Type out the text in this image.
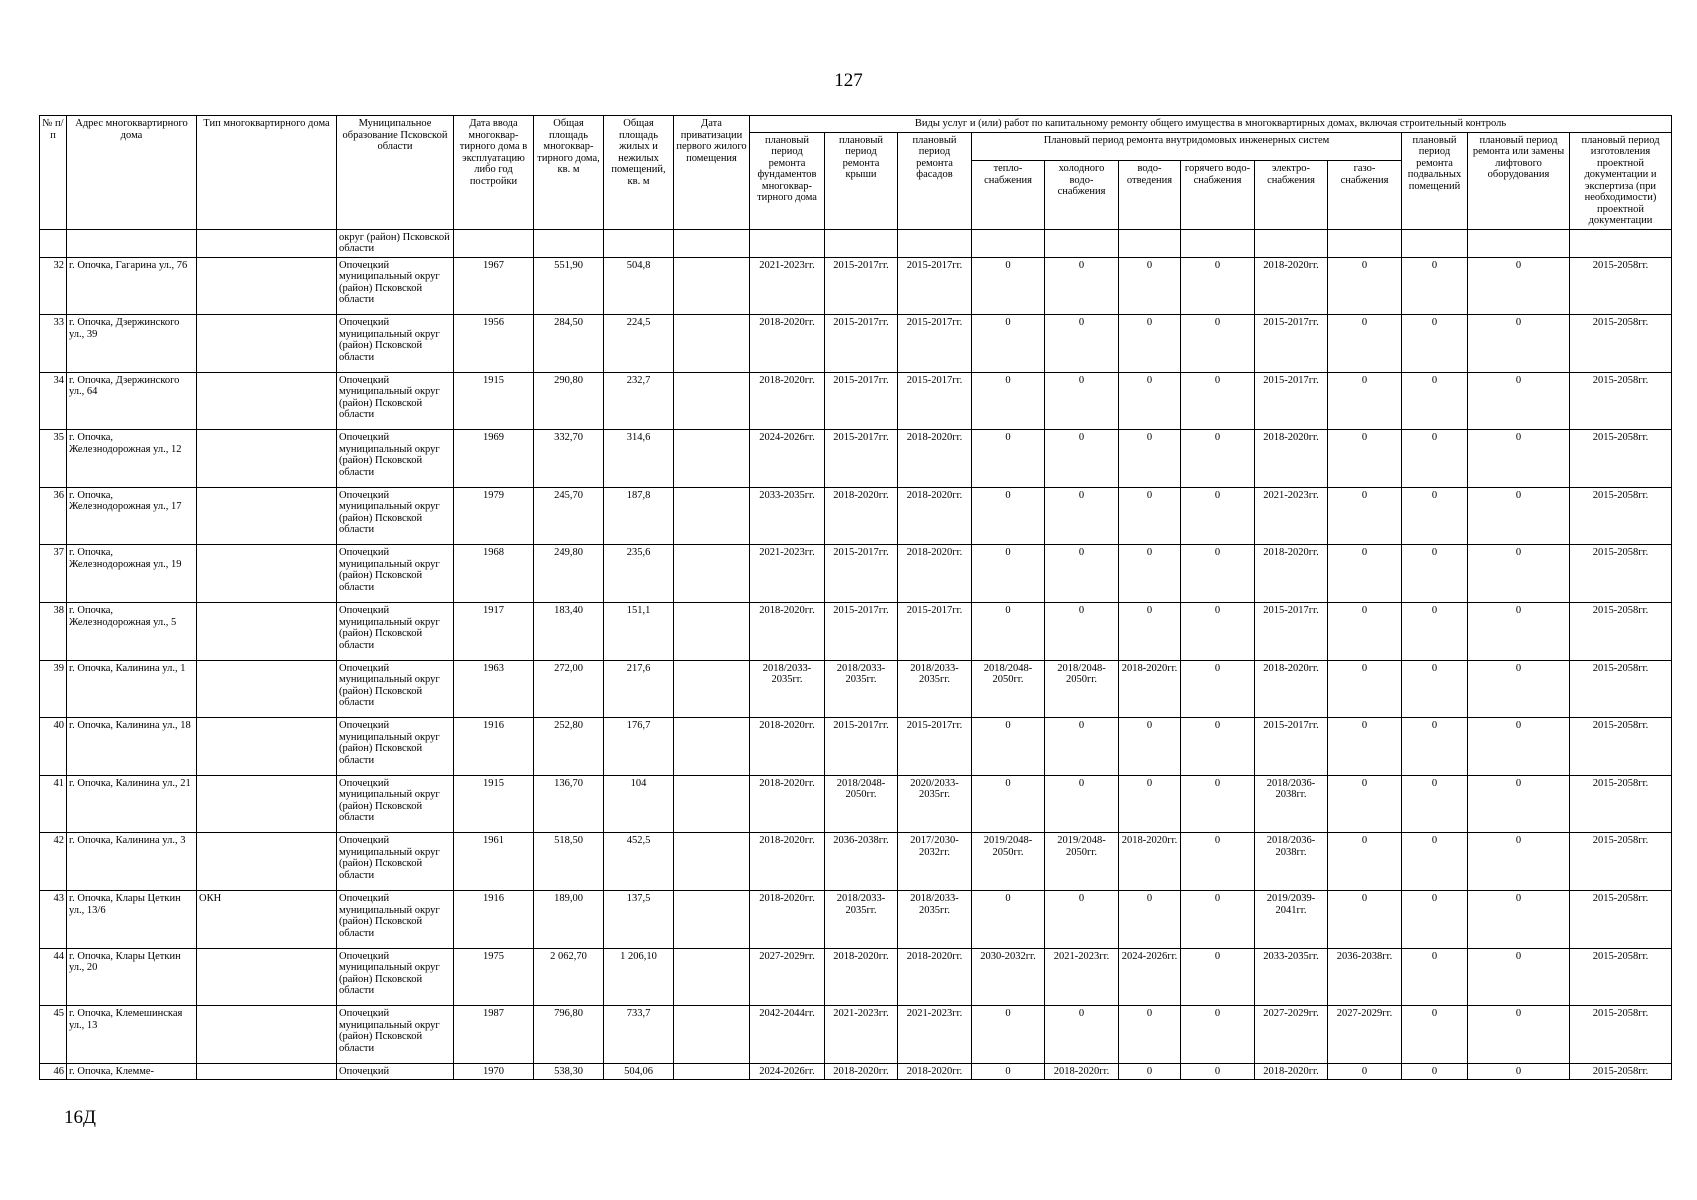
127
№ п/п	Адрес многоквартирного дома	Тип многоквартирного дома	Муниципальное образование Псковской области	Дата ввода многоквар-тирного дома в эксплуатацию либо год постройки	Общая площадь многоквар-тирного дома, кв. м	Общая площадь жилых и нежилых помещений, кв. м	Дата приватизации первого жилого помещения	Виды услуг и (или) работ по капитальному ремонту общего имущества в многоквартирных домах, включая строительный контроль											
								плановый период ремонта фундаментов многоквар-тирного дома	плановый период ремонта крыши	плановый период ремонта фасадов	Плановый период ремонта внутридомовых инженерных систем						плановый период ремонта подвальных помещений	плановый период ремонта или замены лифтового оборудования	плановый период изготовления проектной документации и экспертиза (при необходимости) проектной документации
											тепло-снабжения	холодного водо-снабжения	водо-отведения	горячего водо-снабжения	электро-снабжения	газо-снабжения			
			округ (район) Псковской области																
32	г. Опочка, Гагарина ул., 76		Опочецкий муниципальный округ (район) Псковской области	1967	551,90	504,8		2021-2023гг.	2015-2017гг.	2015-2017гг.	0	0	0	0	2018-2020гг.	0	0	0	2015-2058гг.
33	г. Опочка, Дзержинского ул., 39		Опочецкий муниципальный округ (район) Псковской области	1956	284,50	224,5		2018-2020гг.	2015-2017гг.	2015-2017гг.	0	0	0	0	2015-2017гг.	0	0	0	2015-2058гг.
34	г. Опочка, Дзержинского ул., 64		Опочецкий муниципальный округ (район) Псковской области	1915	290,80	232,7		2018-2020гг.	2015-2017гг.	2015-2017гг.	0	0	0	0	2015-2017гг.	0	0	0	2015-2058гг.
35	г. Опочка, Железнодорожная ул., 12		Опочецкий муниципальный округ (район) Псковской области	1969	332,70	314,6		2024-2026гг.	2015-2017гг.	2018-2020гг.	0	0	0	0	2018-2020гг.	0	0	0	2015-2058гг.
36	г. Опочка, Железнодорожная ул., 17		Опочецкий муниципальный округ (район) Псковской области	1979	245,70	187,8		2033-2035гг.	2018-2020гг.	2018-2020гг.	0	0	0	0	2021-2023гг.	0	0	0	2015-2058гг.
37	г. Опочка, Железнодорожная ул., 19		Опочецкий муниципальный округ (район) Псковской области	1968	249,80	235,6		2021-2023гг.	2015-2017гг.	2018-2020гг.	0	0	0	0	2018-2020гг.	0	0	0	2015-2058гг.
38	г. Опочка, Железнодорожная ул., 5		Опочецкий муниципальный округ (район) Псковской области	1917	183,40	151,1		2018-2020гг.	2015-2017гг.	2015-2017гг.	0	0	0	0	2015-2017гг.	0	0	0	2015-2058гг.
39	г. Опочка, Калинина ул., 1		Опочецкий муниципальный округ (район) Псковской области	1963	272,00	217,6		2018/2033-2035гг.	2018/2033-2035гг.	2018/2033-2035гг.	2018/2048-2050гг.	2018/2048-2050гг.	2018-2020гг.	0	2018-2020гг.	0	0	0	2015-2058гг.
40	г. Опочка, Калинина ул., 18		Опочецкий муниципальный округ (район) Псковской области	1916	252,80	176,7		2018-2020гг.	2015-2017гг.	2015-2017гг.	0	0	0	0	2015-2017гг.	0	0	0	2015-2058гг.
41	г. Опочка, Калинина ул., 21		Опочецкий муниципальный округ (район) Псковской области	1915	136,70	104		2018-2020гг.	2018/2048-2050гг.	2020/2033-2035гг.	0	0	0	0	2018/2036-2038гг.	0	0	0	2015-2058гг.
42	г. Опочка, Калинина ул., 3		Опочецкий муниципальный округ (район) Псковской области	1961	518,50	452,5		2018-2020гг.	2036-2038гг.	2017/2030-2032гг.	2019/2048-2050гг.	2019/2048-2050гг.	2018-2020гг.	0	2018/2036-2038гг.	0	0	0	2015-2058гг.
43	г. Опочка, Клары Цеткин ул., 13/6	ОКН	Опочецкий муниципальный округ (район) Псковской области	1916	189,00	137,5		2018-2020гг.	2018/2033-2035гг.	2018/2033-2035гг.	0	0	0	0	2019/2039-2041гг.	0	0	0	2015-2058гг.
44	г. Опочка, Клары Цеткин ул., 20		Опочецкий муниципальный округ (район) Псковской области	1975	2 062,70	1 206,10		2027-2029гг.	2018-2020гг.	2018-2020гг.	2030-2032гг.	2021-2023гг.	2024-2026гг.	0	2033-2035гг.	2036-2038гг.	0	0	2015-2058гг.
45	г. Опочка, Клемешинская ул., 13		Опочецкий муниципальный округ (район) Псковской области	1987	796,80	733,7		2042-2044гг.	2021-2023гг.	2021-2023гг.	0	0	0	0	2027-2029гг.	2027-2029гг.	0	0	2015-2058гг.
46	г. Опочка, Клемме-		Опочецкий	1970	538,30	504,06		2024-2026гг.	2018-2020гг.	2018-2020гг.	0	2018-2020гг.	0	0	2018-2020гг.	0	0	0	2015-2058гг.
16Д
